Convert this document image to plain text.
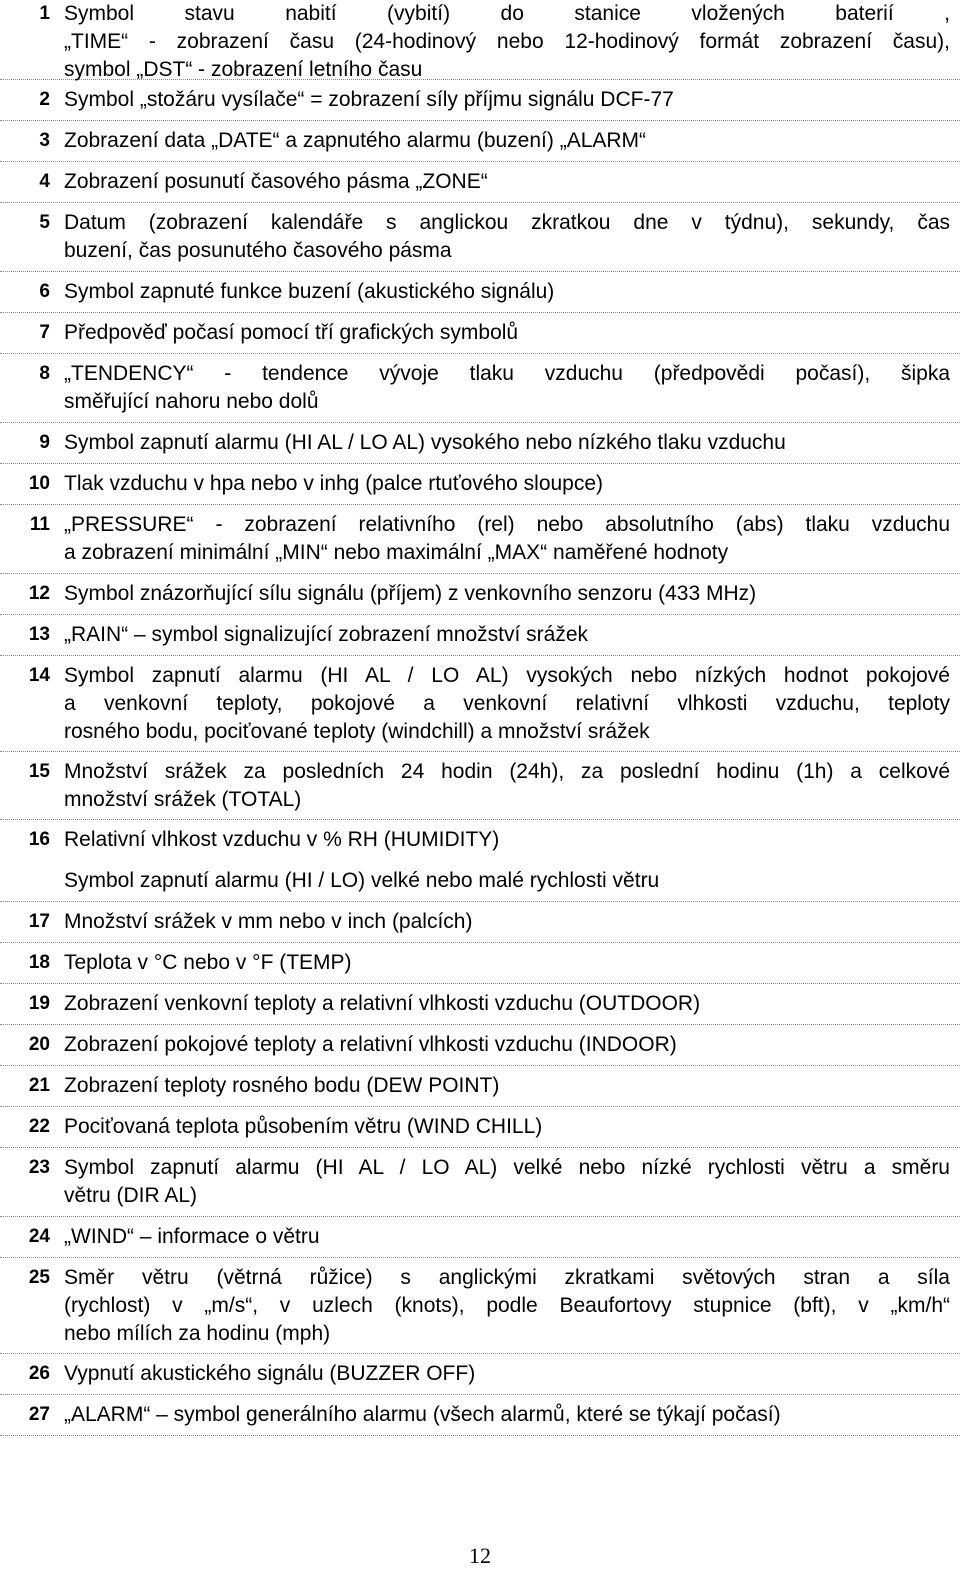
1 Symbol stavu nabití (vybití) do stanice vložených baterií ,
„TIME“ - zobrazení času (24-hodinový nebo 12-hodinový formát zobrazení času),
symbol „DST“ - zobrazení letního času
2 Symbol „stožáru vysílače“ = zobrazení síly příjmu signálu DCF-77
3 Zobrazení data „DATE“ a zapnutého alarmu (buzení) „ALARM“
4 Zobrazení posunutí časového pásma „ZONE“
5 Datum (zobrazení kalendáře s anglickou zkratkou dne v týdnu), sekundy, čas
buzení, čas posunutého časového pásma
6 Symbol zapnuté funkce buzení (akustického signálu)
7 Předpověď počasí pomocí tří grafických symbolů
8 „TENDENCY“ - tendence vývoje tlaku vzduchu (předpovědi počasí), šipka
směřující nahoru nebo dolů
9 Symbol zapnutí alarmu (HI AL / LO AL) vysokého nebo nízkého tlaku vzduchu
10 Tlak vzduchu v hpa nebo v inhg (palce rtuťového sloupce)
11 „PRESSURE“ - zobrazení relativního (rel) nebo absolutního (abs) tlaku vzduchu
a zobrazení minimální „MIN“ nebo maximální „MAX“ naměřené hodnoty
12 Symbol znázorňující sílu signálu (příjem) z venkovního senzoru (433 MHz)
13 „RAIN“ – symbol signalizující zobrazení množství srážek
14 Symbol zapnutí alarmu (HI AL / LO AL) vysokých nebo nízkých hodnot pokojové
a venkovní teploty, pokojové a venkovní relativní vlhkosti vzduchu, teploty
rosného bodu, pociťované teploty (windchill) a množství srážek
15 Množství srážek za posledních 24 hodin (24h), za poslední hodinu (1h) a celkové
množství srážek (TOTAL)
16 Relativní vlhkost vzduchu v % RH (HUMIDITY)
Symbol zapnutí alarmu (HI / LO) velké nebo malé rychlosti větru
17 Množství srážek v mm nebo v inch (palcích)
18 Teplota v °C nebo v °F (TEMP)
19 Zobrazení venkovní teploty a relativní vlhkosti vzduchu (OUTDOOR)
20 Zobrazení pokojové teploty a relativní vlhkosti vzduchu (INDOOR)
21 Zobrazení teploty rosného bodu (DEW POINT)
22 Pociťovaná teplota působením větru (WIND CHILL)
23 Symbol zapnutí alarmu (HI AL / LO AL) velké nebo nízké rychlosti větru a směru
větru (DIR AL)
24 „WIND“ – informace o větru
25 Směr větru (větrná růžice) s anglickými zkratkami světových stran a síla
(rychlost) v „m/s“, v uzlech (knots), podle Beaufortovy stupnice (bft), v „km/h“
nebo mílích za hodinu (mph)
26 Vypnutí akustického signálu (BUZZER OFF)
27 „ALARM“ – symbol generálního alarmu (všech alarmů, které se týkají počasí)
12
